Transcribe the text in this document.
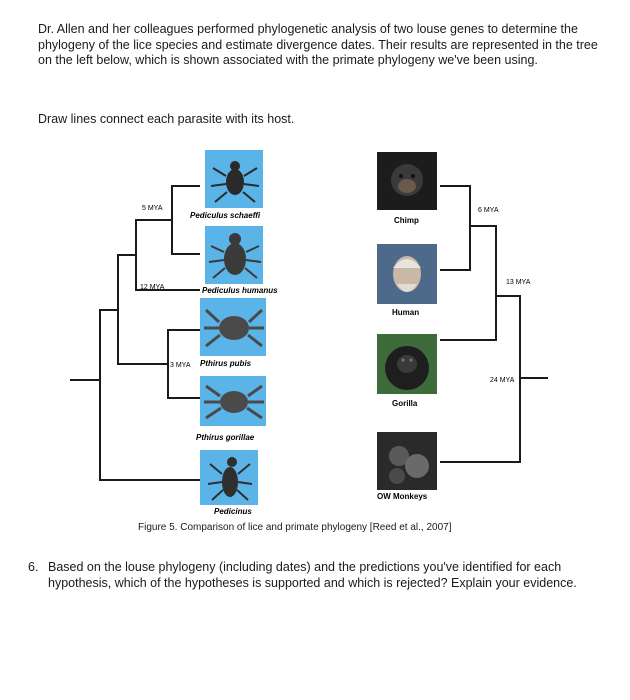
Dr. Allen and her colleagues performed phylogenetic analysis of two louse genes to determine the phylogeny of the lice species and estimate divergence dates. Their results are represented in the tree on the left below, which is shown associated with the primate phylogeny we've been using.
Draw lines connect each parasite with its host.
Pediculus schaeffi
Pediculus humanus
Pthirus pubis
Pthirus gorillae
Pedicinus
5 MYA
12 MYA
3 MYA
Chimp
Human
Gorilla
OW Monkeys
6 MYA
13 MYA
24 MYA
Figure 5. Comparison of lice and primate phylogeny [Reed et al., 2007]
6. Based on the louse phylogeny (including dates) and the predictions you've identified for each hypothesis, which of the hypotheses is supported and which is rejected? Explain your evidence.
